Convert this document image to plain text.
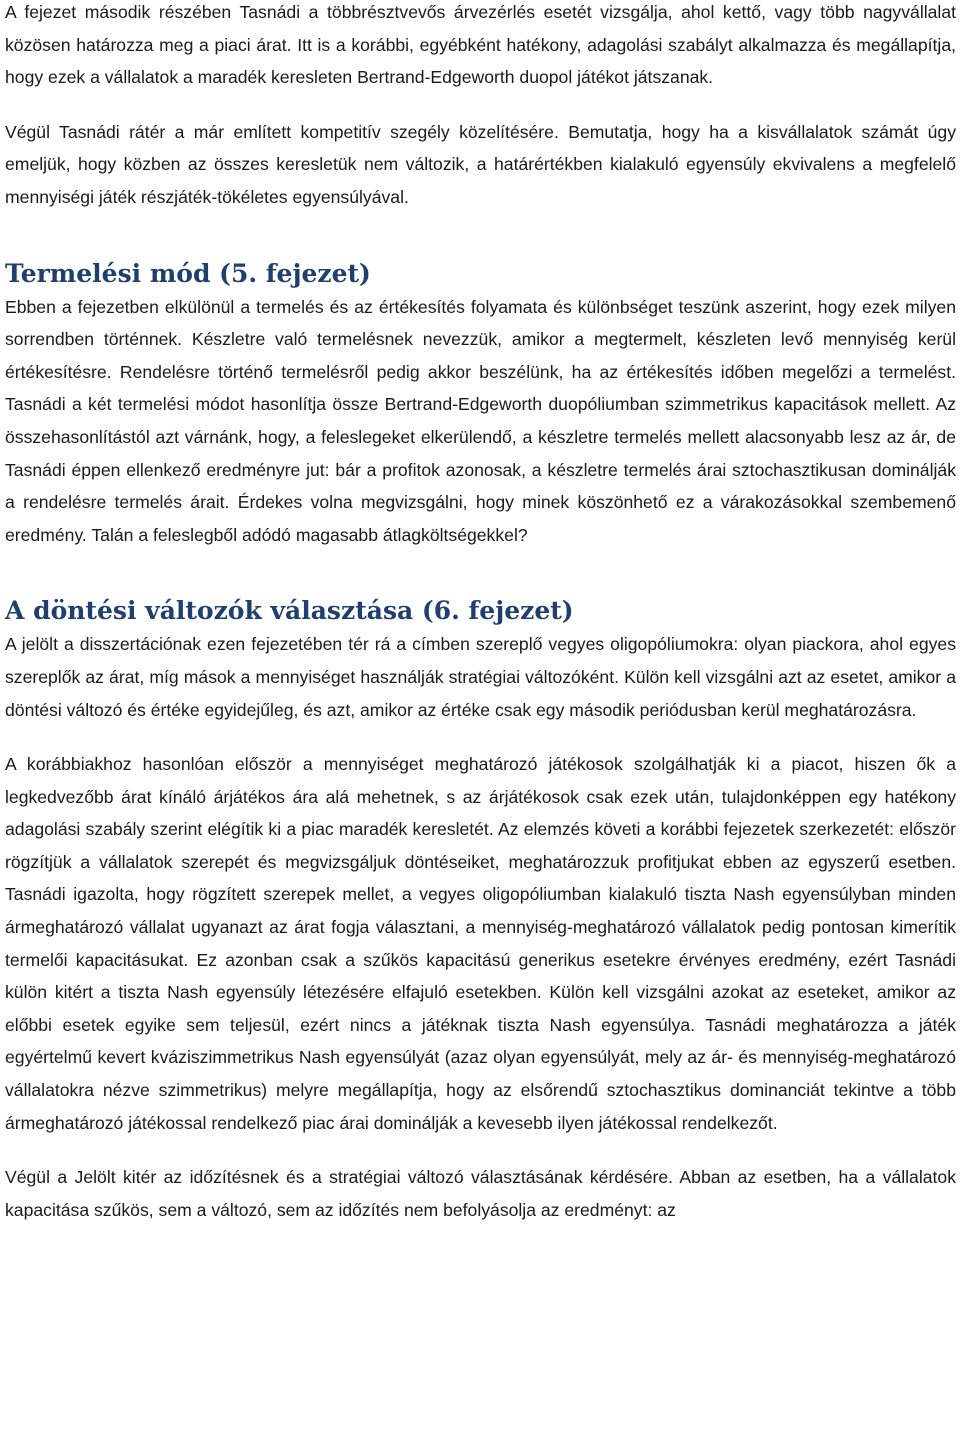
A fejezet második részében Tasnádi a többrésztvevős árvezérlés esetét vizsgálja, ahol kettő, vagy több nagyvállalat közösen határozza meg a piaci árat. Itt is a korábbi, egyébként hatékony, adagolási szabályt alkalmazza és megállapítja, hogy ezek a vállalatok a maradék keresleten Bertrand-Edgeworth duopol játékot játszanak.

Végül Tasnádi rátér a már említett kompetitív szegély közelítésére. Bemutatja, hogy ha a kisvállalatok számát úgy emeljük, hogy közben az összes keresletük nem változik, a határértékben kialakuló egyensúly ekvivalens a megfelelő mennyiségi játék részjáték-tökéletes egyensúlyával.

Termelési mód (5. fejezet)

Ebben a fejezetben elkülönül a termelés és az értékesítés folyamata és különbséget teszünk aszerint, hogy ezek milyen sorrendben történnek. Készletre való termelésnek nevezzük, amikor a megtermelt, készleten levő mennyiség kerül értékesítésre. Rendelésre történő termelésről pedig akkor beszélünk, ha az értékesítés időben megelőzi a termelést. Tasnádi a két termelési módot hasonlítja össze Bertrand-Edgeworth duopóliumban szimmetrikus kapacitások mellett. Az összehasonlítástól azt várnánk, hogy, a feleslegeket elkerülendő, a készletre termelés mellett alacsonyabb lesz az ár, de Tasnádi éppen ellenkező eredményre jut: bár a profitok azonosak, a készletre termelés árai sztochasztikusan dominálják a rendelésre termelés árait. Érdekes volna megvizsgálni, hogy minek köszönhető ez a várakozásokkal szembemenő eredmény. Talán a feleslegből adódó magasabb átlagköltségekkel?

A döntési változók választása (6. fejezet)

A jelölt a disszertációnak ezen fejezetében tér rá a címben szereplő vegyes oligopóliumokra: olyan piackora, ahol egyes szereplők az árat, míg mások a mennyiséget használják stratégiai változóként. Külön kell vizsgálni azt az esetet, amikor a döntési változó és értéke egyidejűleg, és azt, amikor az értéke csak egy második periódusban kerül meghatározásra.

A korábbiakhoz hasonlóan először a mennyiséget meghatározó játékosok szolgálhatják ki a piacot, hiszen ők a legkedvezőbb árat kínáló árjátékos ára alá mehetnek, s az árjátékosok csak ezek után, tulajdonképpen egy hatékony adagolási szabály szerint elégítik ki a piac maradék keresletét. Az elemzés követi a korábbi fejezetek szerkezetét: először rögzítjük a vállalatok szerepét és megvizsgáljuk döntéseiket, meghatározzuk profitjukat ebben az egyszerű esetben. Tasnádi igazolta, hogy rögzített szerepek mellet, a vegyes oligopóliumban kialakuló tiszta Nash egyensúlyban minden ármeghatározó vállalat ugyanazt az árat fogja választani, a mennyiség-meghatározó vállalatok pedig pontosan kimerítik termelői kapacitásukat. Ez azonban csak a szűkös kapacitású generikus esetekre érvényes eredmény, ezért Tasnádi külön kitért a tiszta Nash egyensúly létezésére elfajuló esetekben. Külön kell vizsgálni azokat az eseteket, amikor az előbbi esetek egyike sem teljesül, ezért nincs a játéknak tiszta Nash egyensúlya. Tasnádi meghatározza a játék egyértelmű kevert kváziszimmetrikus Nash egyensúlyát (azaz olyan egyensúlyát, mely az ár- és mennyiség-meghatározó vállalatokra nézve szimmetrikus) melyre megállapítja, hogy az elsőrendű sztochasztikus dominanciát tekintve a több ármeghatározó játékossal rendelkező piac árai dominálják a kevesebb ilyen játékossal rendelkezőt.

Végül a Jelölt kitér az időzítésnek és a stratégiai változó választásának kérdésére. Abban az esetben, ha a vállalatok kapacitása szűkös, sem a változó, sem az időzítés nem befolyásolja az eredményt: az
